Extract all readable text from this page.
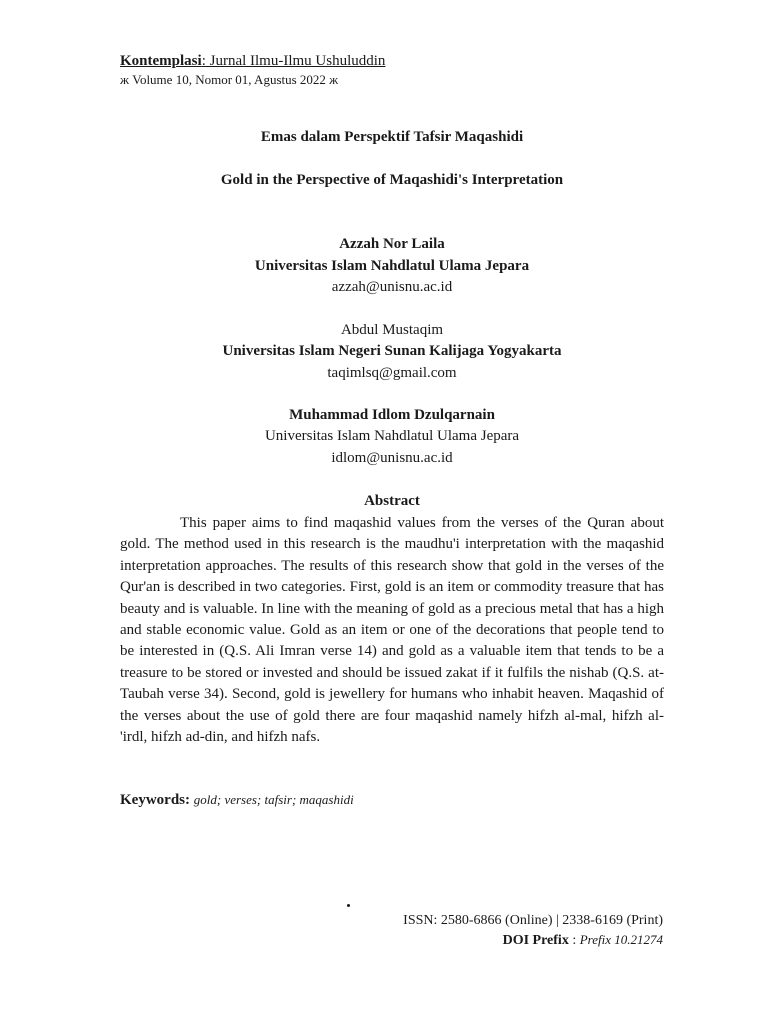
Kontemplasi: Jurnal Ilmu-Ilmu Ushuluddin
ж Volume 10, Nomor 01, Agustus 2022 ж
Emas dalam Perspektif Tafsir Maqashidi
Gold in the Perspective of Maqashidi's Interpretation
Azzah Nor Laila
Universitas Islam Nahdlatul Ulama Jepara
azzah@unisnu.ac.id
Abdul Mustaqim
Universitas Islam Negeri Sunan Kalijaga Yogyakarta
taqimlsq@gmail.com
Muhammad Idlom Dzulqarnain
Universitas Islam Nahdlatul Ulama Jepara
idlom@unisnu.ac.id
Abstract

This paper aims to find maqashid values from the verses of the Quran about gold. The method used in this research is the maudhu'i interpretation with the maqashid interpretation approaches. The results of this research show that gold in the verses of the Qur'an is described in two categories. First, gold is an item or commodity treasure that has beauty and is valuable. In line with the meaning of gold as a precious metal that has a high and stable economic value. Gold as an item or one of the decorations that people tend to be interested in (Q.S. Ali Imran verse 14) and gold as a valuable item that tends to be a treasure to be stored or invested and should be issued zakat if it fulfils the nishab (Q.S. at-Taubah verse 34). Second, gold is jewellery for humans who inhabit heaven. Maqashid of the verses about the use of gold there are four maqashid namely hifzh al-mal, hifzh al-'irdl, hifzh ad-din, and hifzh nafs.

Keywords: gold; verses; tafsir; maqashidi
ISSN: 2580-6866 (Online) | 2338-6169 (Print)
DOI Prefix : Prefix 10.21274
